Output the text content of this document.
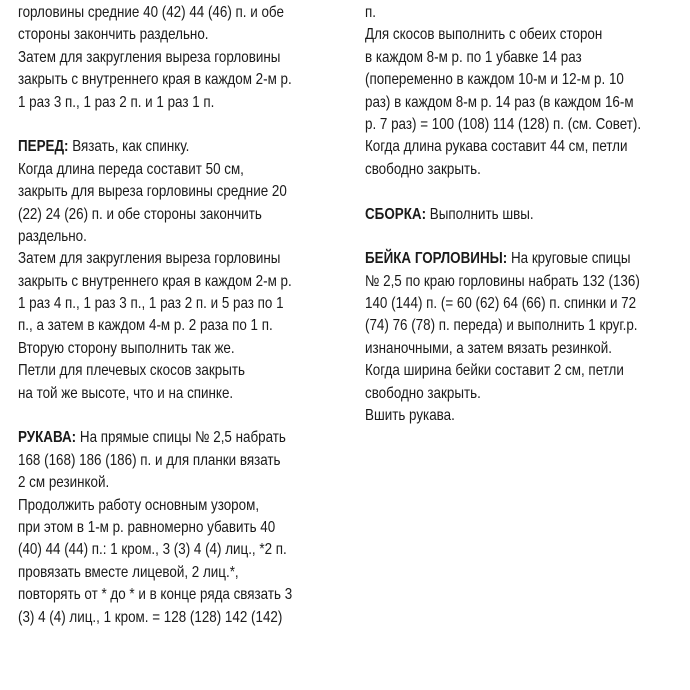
горловины средние 40 (42) 44 (46) п. и обе
стороны закончить раздельно.
Затем для закругления выреза горловины
закрыть с внутреннего края в каждом 2-м р.
1 раз 3 п., 1 раз 2 п. и 1 раз 1 п.
ПЕРЕД: Вязать, как спинку.
Когда длина переда составит 50 см,
закрыть для выреза горловины средние 20
(22) 24 (26) п. и обе стороны закончить
раздельно.
Затем для закругления выреза горловины
закрыть с внутреннего края в каждом 2-м р.
1 раз 4 п., 1 раз 3 п., 1 раз 2 п. и 5 раз по 1
п., а затем в каждом 4-м р. 2 раза по 1 п.
Вторую сторону выполнить так же.
Петли для плечевых скосов закрыть
на той же высоте, что и на спинке.
РУКАВА: На прямые спицы № 2,5 набрать
168 (168) 186 (186) п. и для планки вязать
2 см резинкой.
Продолжить работу основным узором,
при этом в 1-м р. равномерно убавить 40
(40) 44 (44) п.: 1 кром., 3 (3) 4 (4) лиц., *2 п.
провязать вместе лицевой, 2 лиц.*,
повторять от * до * и в конце ряда связать 3
(3) 4 (4) лиц., 1 кром. = 128 (128) 142 (142)
п.
Для скосов выполнить с обеих сторон
в каждом 8-м р. по 1 убавке 14 раз
(попеременно в каждом 10-м и 12-м р. 10
раз) в каждом 8-м р. 14 раз (в каждом 16-м
р. 7 раз) = 100 (108) 114 (128) п. (см. Совет).
Когда длина рукава составит 44 см, петли
свободно закрыть.
СБОРКА: Выполнить швы.
БЕЙКА ГОРЛОВИНЫ: На круговые спицы
№ 2,5 по краю горловины набрать 132 (136)
140 (144) п. (= 60 (62) 64 (66) п. спинки и 72
(74) 76 (78) п. переда) и выполнить 1 круг.р.
изнаночными, а затем вязать резинкой.
Когда ширина бейки составит 2 см, петли
свободно закрыть.
Вшить рукава.
